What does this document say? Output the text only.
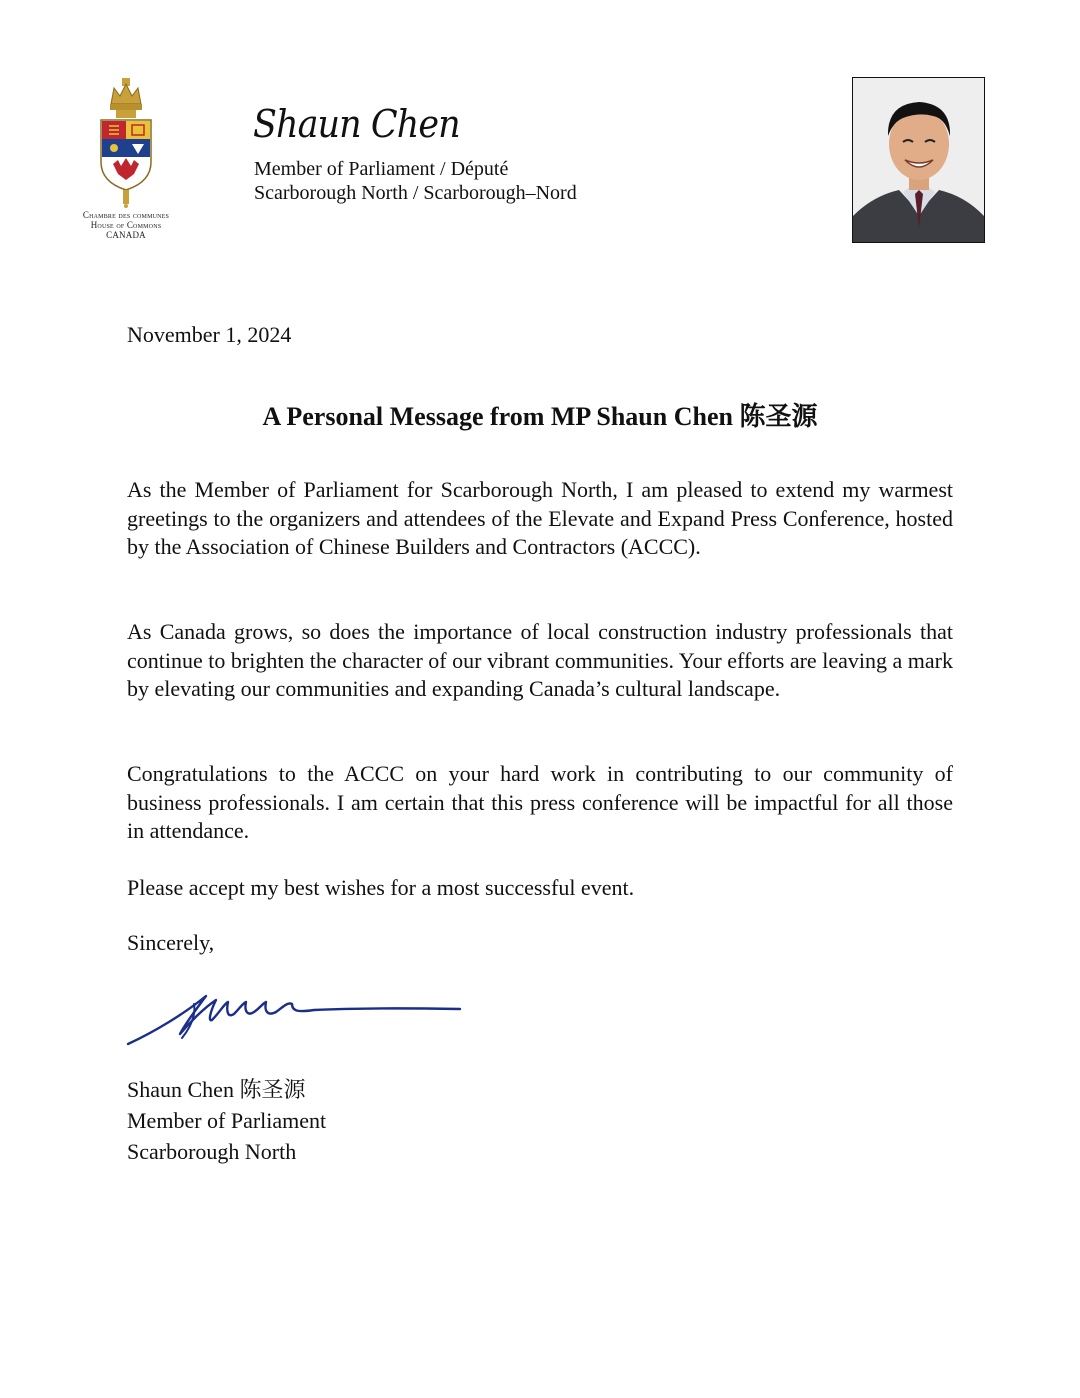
Chambre des communes
House of Commons
CANADA
Shaun Chen
Member of Parliament / Député
Scarborough North / Scarborough–Nord
November 1, 2024
A Personal Message from MP Shaun Chen 陈圣源

As the Member of Parliament for Scarborough North, I am pleased to extend my warmest greetings to the organizers and attendees of the Elevate and Expand Press Conference, hosted by the Association of Chinese Builders and Contractors (ACCC).

As Canada grows, so does the importance of local construction industry professionals that continue to brighten the character of our vibrant communities. Your efforts are leaving a mark by elevating our communities and expanding Canada’s cultural landscape.

Congratulations to the ACCC on your hard work in contributing to our community of business professionals. I am certain that this press conference will be impactful for all those in attendance.

Please accept my best wishes for a most successful event.

Sincerely,
Shaun Chen 陈圣源
Member of Parliament
Scarborough North
